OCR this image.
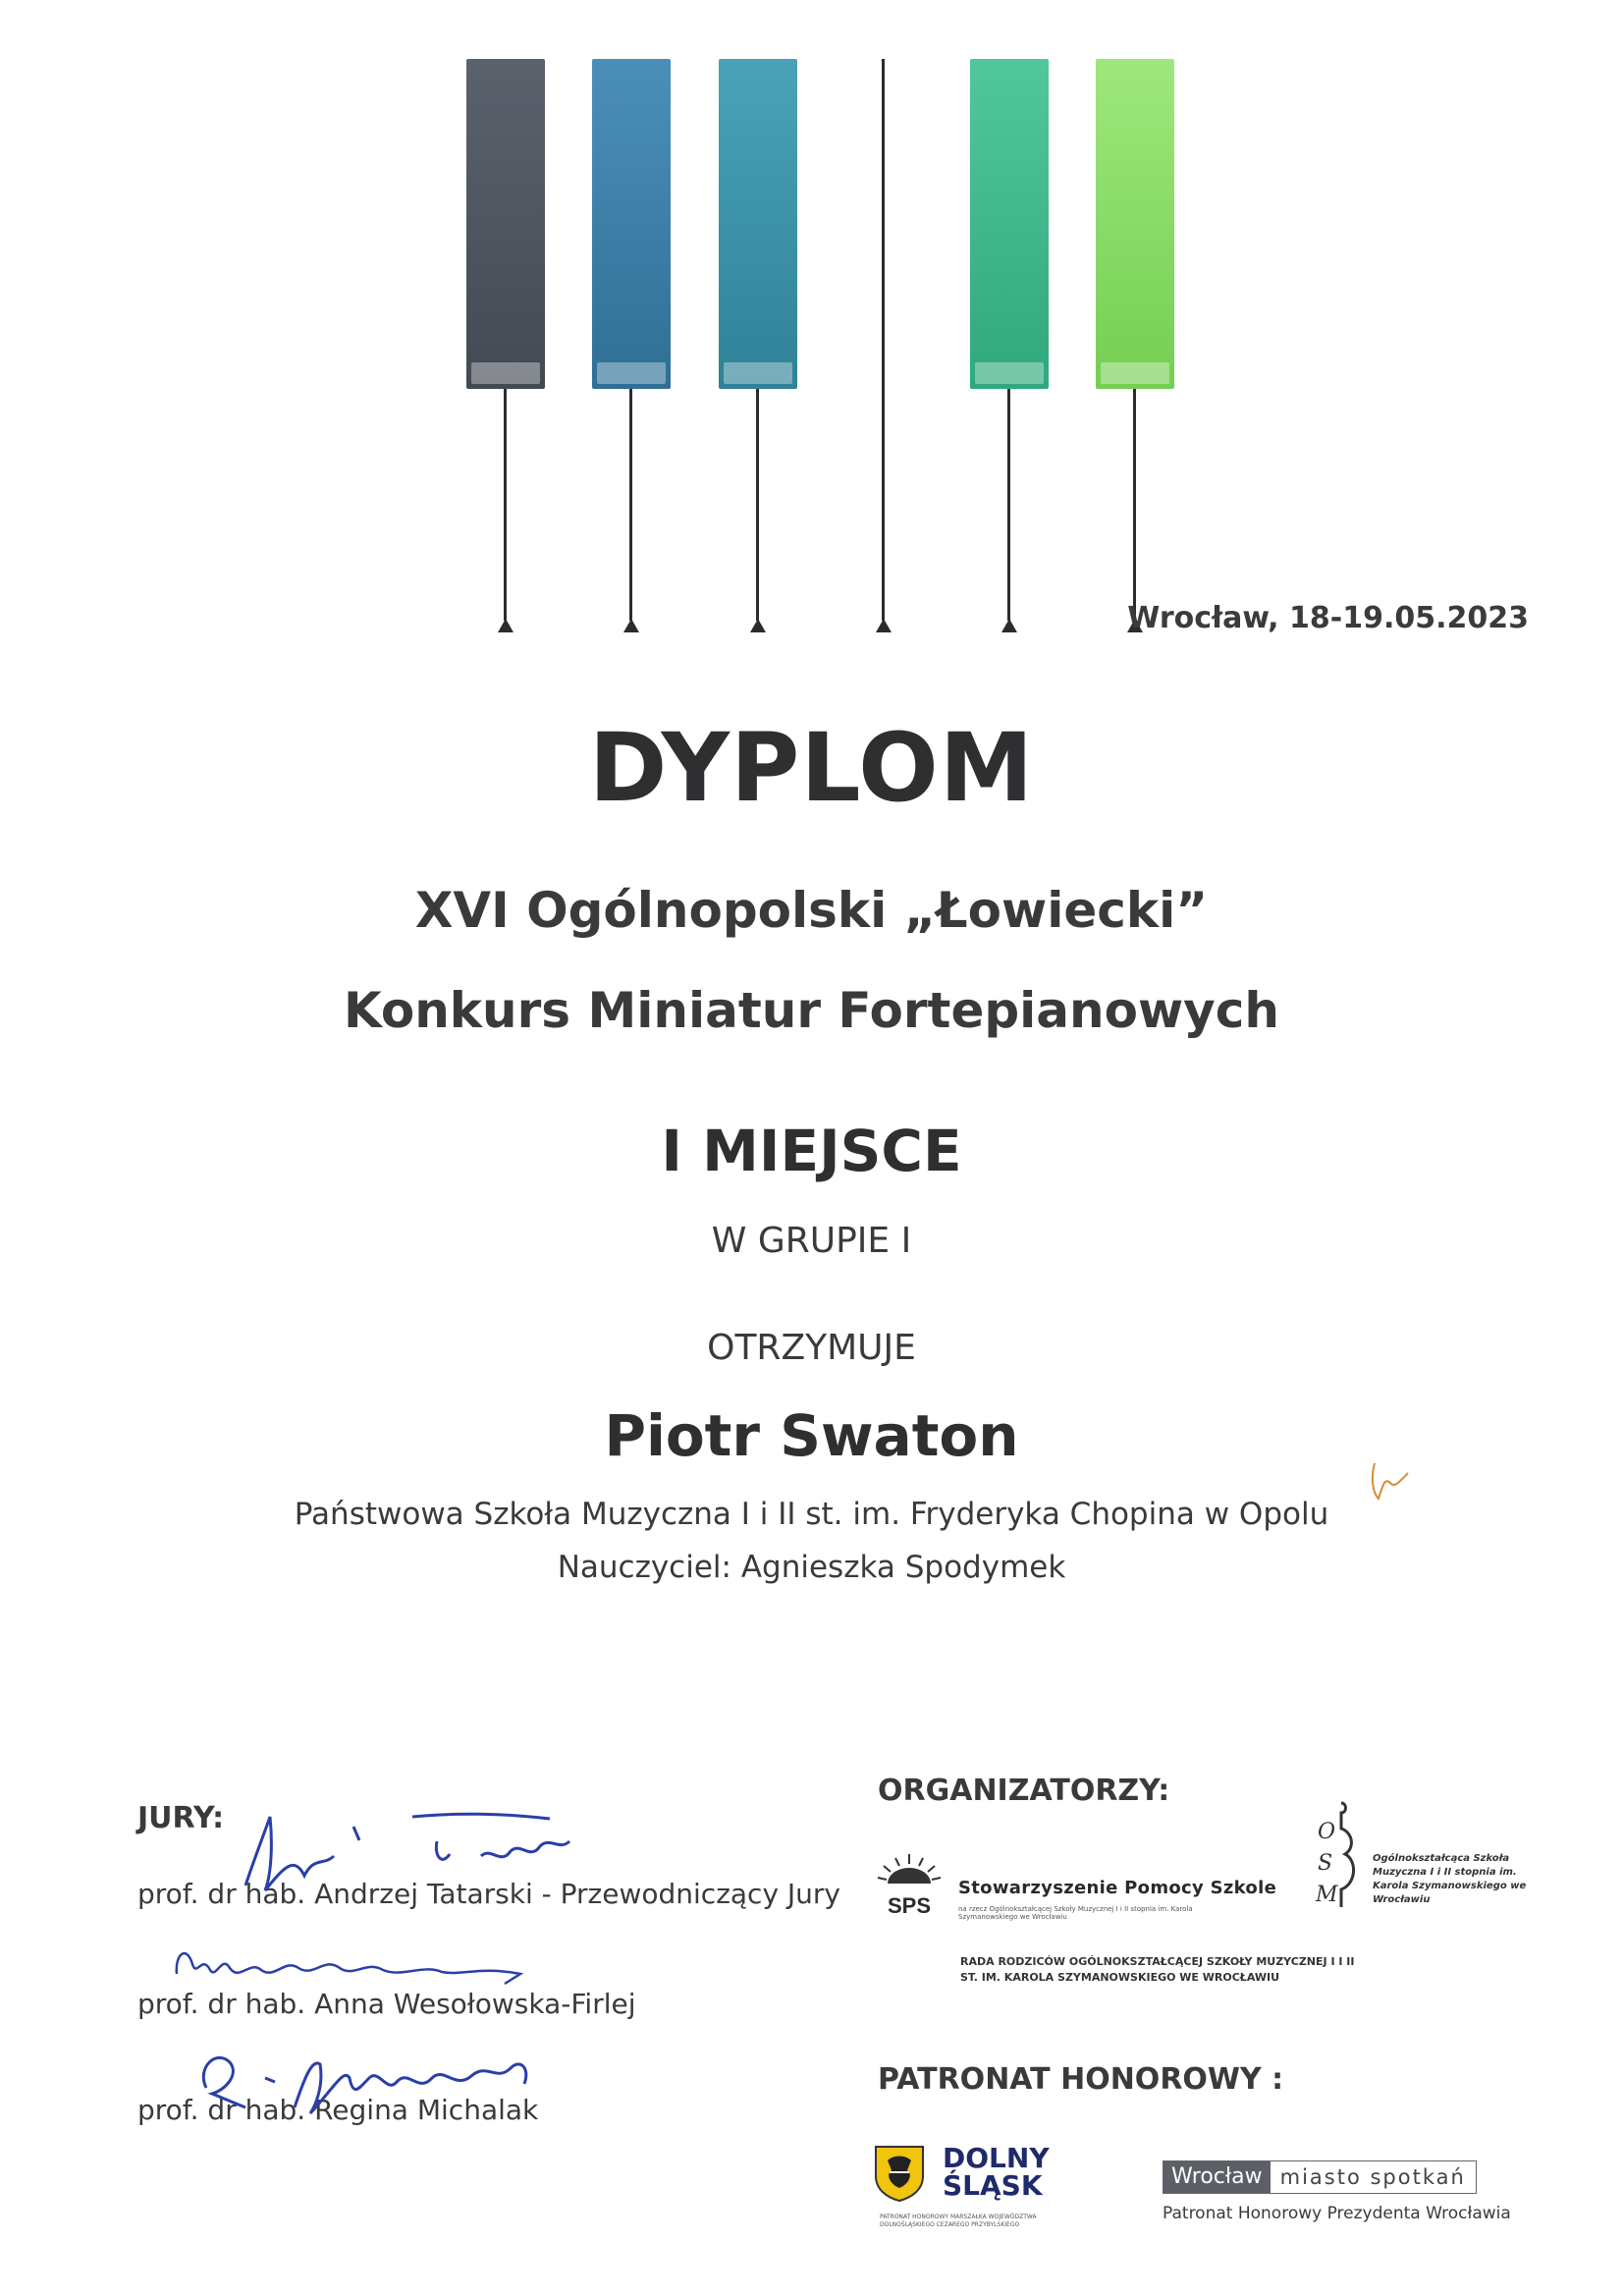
Wrocław, 18-19.05.2023
DYPLOM
XVI Ogólnopolski „Łowiecki”
Konkurs Miniatur Fortepianowych
I MIEJSCE
W GRUPIE I
OTRZYMUJE
Piotr Swaton
Państwowa Szkoła Muzyczna I i II st. im. Fryderyka Chopina w Opolu
Nauczyciel: Agnieszka Spodymek
JURY:
prof. dr hab. Andrzej Tatarski - Przewodniczący Jury
prof. dr hab. Anna Wesołowska-Firlej
prof. dr hab. Regina Michalak
ORGANIZATORZY:
SPS
Stowarzyszenie Pomocy Szkole
na rzecz Ogólnokształcącej Szkoły Muzycznej I i II stopnia im. Karola Szymanowskiego we Wrocławiu
O
S
M
Ogólnokształcąca Szkoła Muzyczna I i II stopnia im. Karola Szymanowskiego we Wrocławiu
RADA RODZICÓW OGÓLNOKSZTAŁCĄCEJ SZKOŁY MUZYCZNEJ I I II ST. IM. KAROLA SZYMANOWSKIEGO WE WROCŁAWIU
PATRONAT HONOROWY :
DOLNY
ŚLĄSK
PATRONAT HONOROWY MARSZAŁKA WOJEWÓDZTWA DOLNOŚLĄSKIEGO CEZAREGO PRZYBYLSKIEGO
Wrocław miasto spotkań
Patronat Honorowy Prezydenta Wrocławia
